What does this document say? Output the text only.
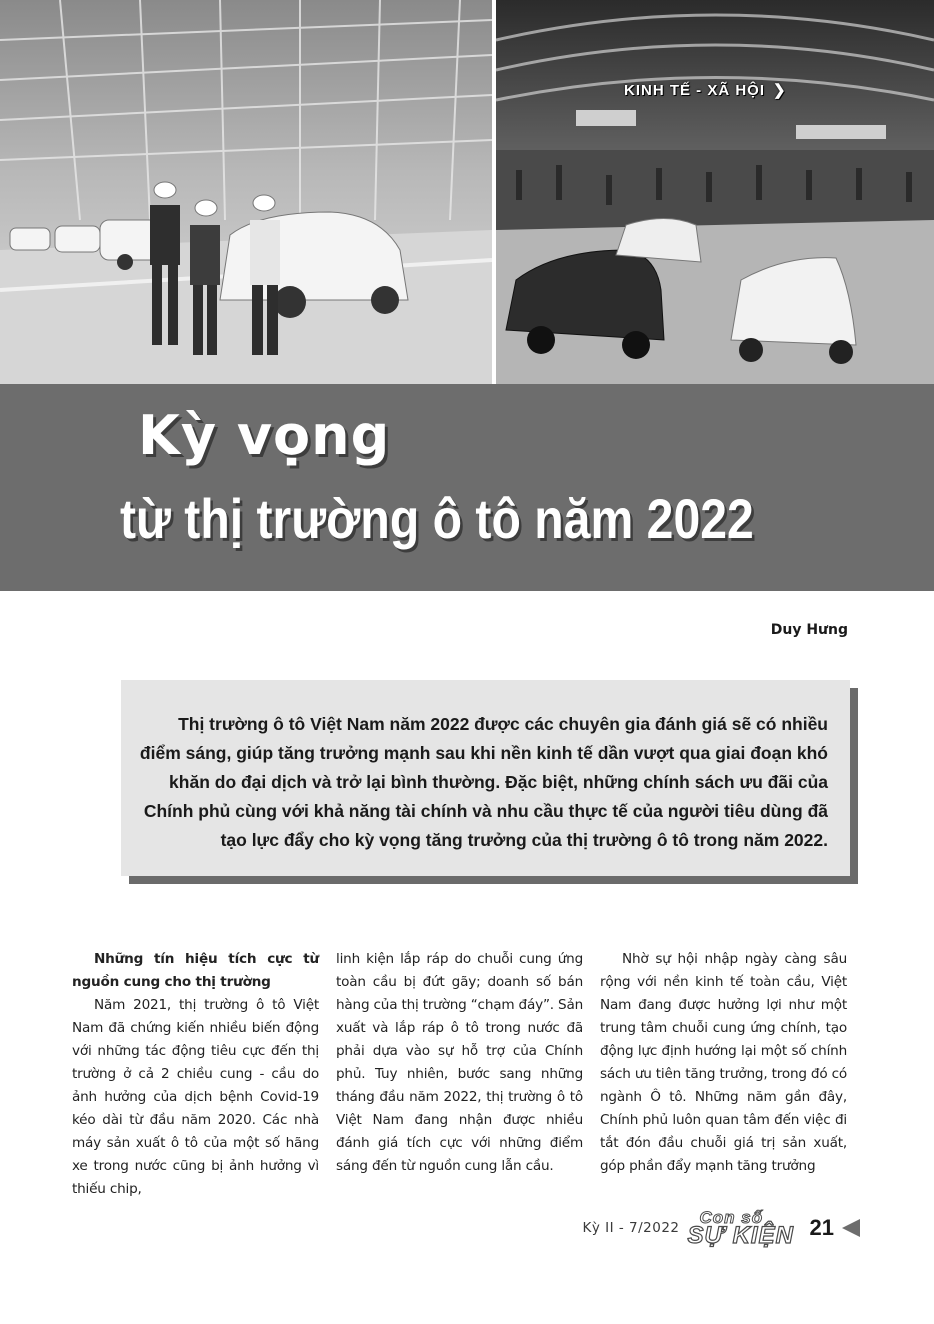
KINH TẾ - XÃ HỘI ❯
Kỳ vọng
từ thị trường ô tô năm 2022
Duy Hưng
Thị trường ô tô Việt Nam năm 2022 được các chuyên gia đánh giá sẽ có nhiều điểm sáng, giúp tăng trưởng mạnh sau khi nền kinh tế dần vượt qua giai đoạn khó khăn do đại dịch và trở lại bình thường. Đặc biệt, những chính sách ưu đãi của Chính phủ cùng với khả năng tài chính và nhu cầu thực tế của người tiêu dùng đã tạo lực đẩy cho kỳ vọng tăng trưởng của thị trường ô tô trong năm 2022.

Những tín hiệu tích cực từ nguồn cung cho thị trường

Năm 2021, thị trường ô tô Việt Nam đã chứng kiến nhiều biến động với những tác động tiêu cực đến thị trường ở cả 2 chiều cung - cầu do ảnh hưởng của dịch bệnh Covid-19 kéo dài từ đầu năm 2020. Các nhà máy sản xuất ô tô của một số hãng xe trong nước cũng bị ảnh hưởng vì thiếu chip,

linh kiện lắp ráp do chuỗi cung ứng toàn cầu bị đứt gãy; doanh số bán hàng của thị trường “chạm đáy”. Sản xuất và lắp ráp ô tô trong nước đã phải dựa vào sự hỗ trợ của Chính phủ. Tuy nhiên, bước sang những tháng đầu năm 2022, thị trường ô tô Việt Nam đang nhận được nhiều đánh giá tích cực với những điểm sáng đến từ nguồn cung lẫn cầu.

Nhờ sự hội nhập ngày càng sâu rộng với nền kinh tế toàn cầu, Việt Nam đang được hưởng lợi như một trung tâm chuỗi cung ứng chính, tạo động lực định hướng lại một số chính sách ưu tiên tăng trưởng, trong đó có ngành Ô tô. Những năm gần đây, Chính phủ luôn quan tâm đến việc đi tắt đón đầu chuỗi giá trị sản xuất, góp phần đẩy mạnh tăng trưởng

Kỳ II - 7/2022
Con số
SỰ KIỆN 21
